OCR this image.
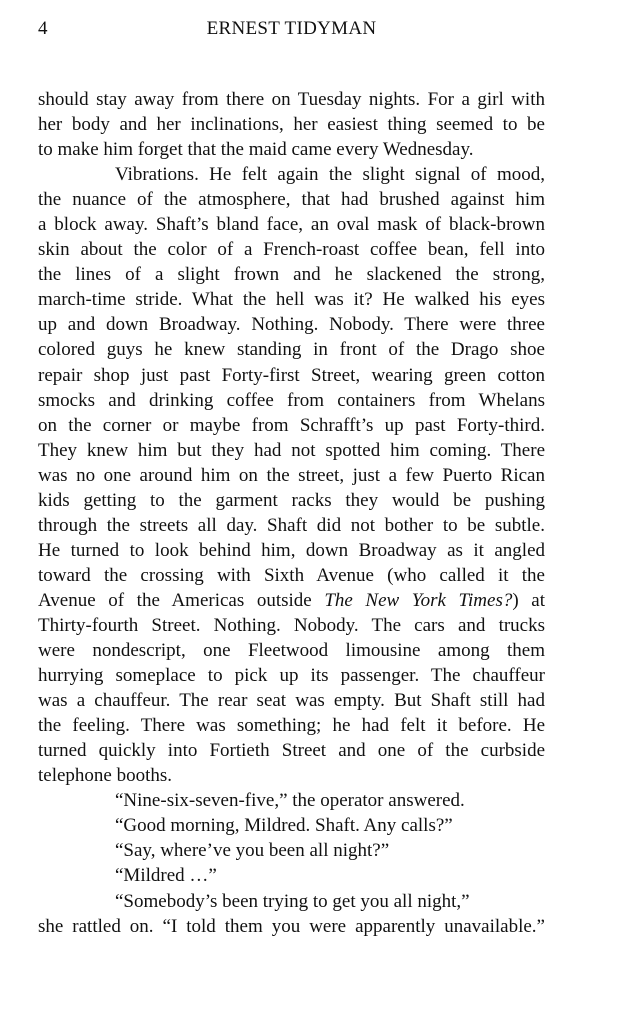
4	ERNEST TIDYMAN
should stay away from there on Tuesday nights. For a girl with
her body and her inclinations, her easiest thing seemed to be
to make him forget that the maid came every Wednesday.
Vibrations. He felt again the slight signal of mood,
the nuance of the atmosphere, that had brushed against him
a block away. Shaft’s bland face, an oval mask of black-brown
skin about the color of a French-roast coffee bean, fell into
the lines of a slight frown and he slackened the strong,
march-time stride. What the hell was it? He walked his eyes
up and down Broadway. Nothing. Nobody. There were three
colored guys he knew standing in front of the Drago shoe
repair shop just past Forty-first Street, wearing green cotton
smocks and drinking coffee from containers from Whelans
on the corner or maybe from Schrafft’s up past Forty-third.
They knew him but they had not spotted him coming. There
was no one around him on the street, just a few Puerto Rican
kids getting to the garment racks they would be pushing
through the streets all day. Shaft did not bother to be subtle.
He turned to look behind him, down Broadway as it angled
toward the crossing with Sixth Avenue (who called it the
Avenue of the Americas outside The New York Times?) at
Thirty-fourth Street. Nothing. Nobody. The cars and trucks
were nondescript, one Fleetwood limousine among them
hurrying someplace to pick up its passenger. The chauffeur
was a chauffeur. The rear seat was empty. But Shaft still had
the feeling. There was something; he had felt it before. He
turned quickly into Fortieth Street and one of the curbside
telephone booths.
“Nine-six-seven-five,” the operator answered.
“Good morning, Mildred. Shaft. Any calls?”
“Say, where’ve you been all night?”
“Mildred …”
“Somebody’s been trying to get you all night,”
she rattled on. “I told them you were apparently unavailable.”
